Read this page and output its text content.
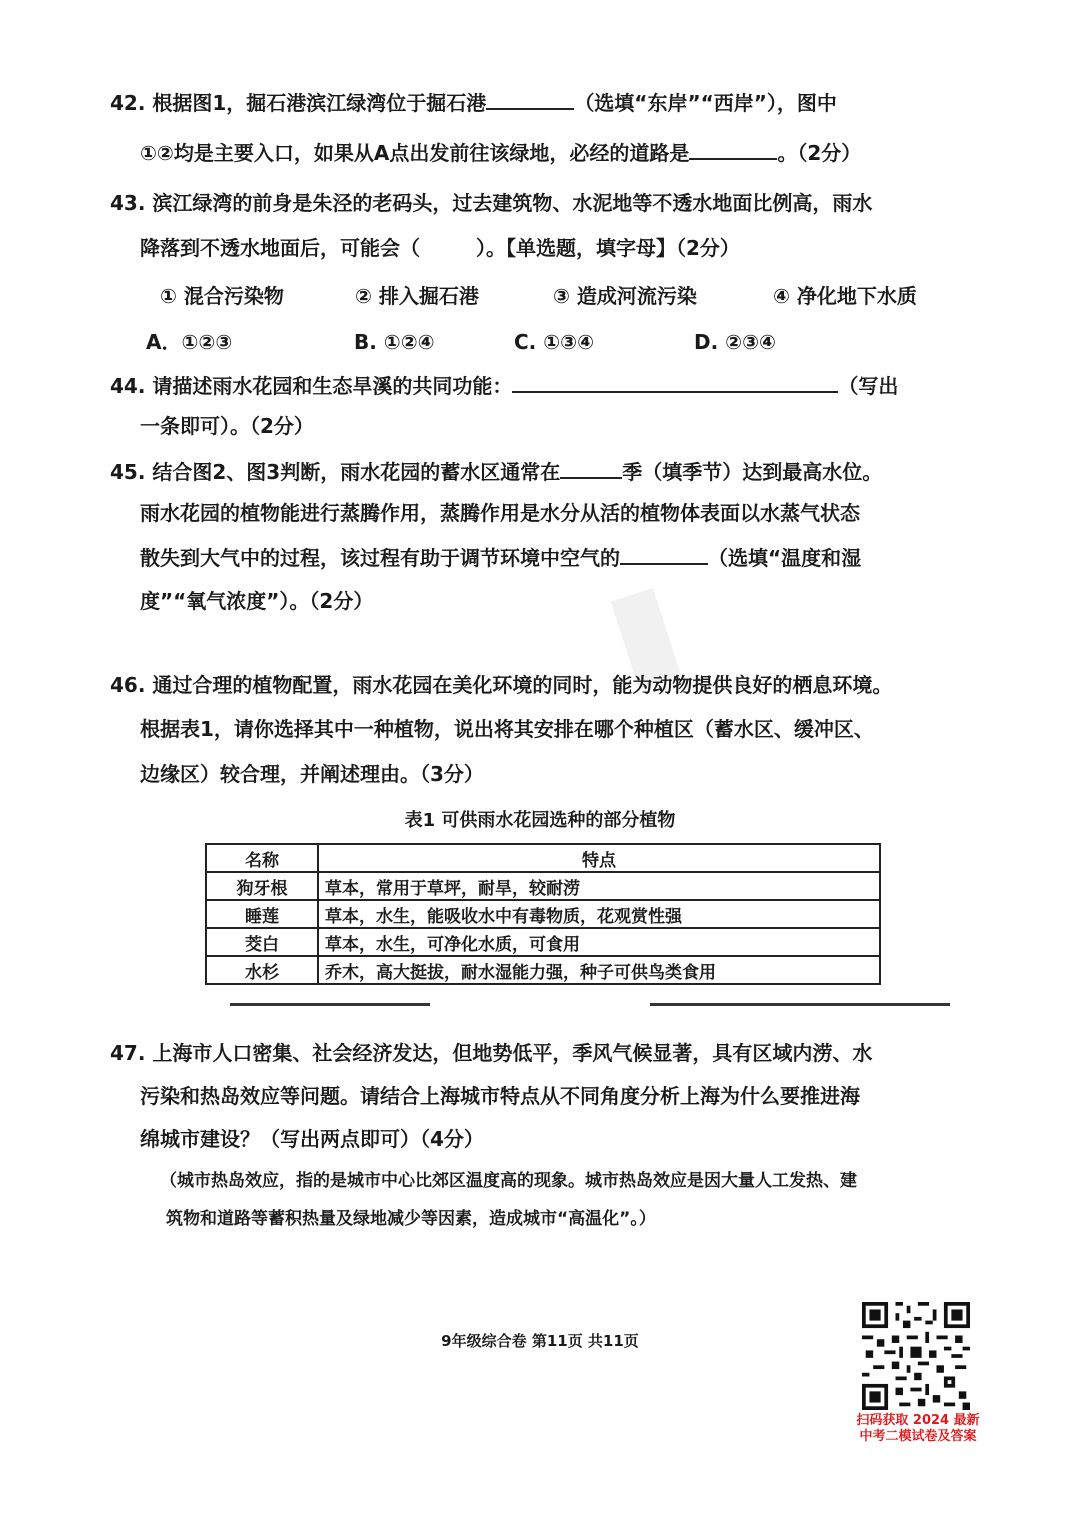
42. 根据图1，掘石港滨江绿湾位于掘石港	（选填“东岸”“西岸”），图中
①②均是主要入口，如果从A点出发前往该绿地，必经的道路是	。（2分）
43. 滨江绿湾的前身是朱泾的老码头，过去建筑物、水泥地等不透水地面比例高，雨水
降落到不透水地面后，可能会（	）。【单选题，填字母】（2分）
① 混合污染物	② 排入掘石港	③ 造成河流污染	④ 净化地下水质
A．①②③	B. ①②④	C. ①③④	D. ②③④
44. 请描述雨水花园和生态旱溪的共同功能：	（写出
一条即可）。（2分）
45. 结合图2、图3判断，雨水花园的蓄水区通常在	季（填季节）达到最高水位。
雨水花园的植物能进行蒸腾作用，蒸腾作用是水分从活的植物体表面以水蒸气状态
散失到大气中的过程，该过程有助于调节环境中空气的	（选填“温度和湿
度”“氧气浓度”）。（2分） ▮
46. 通过合理的植物配置，雨水花园在美化环境的同时，能为动物提供良好的栖息环境。
根据表1，请你选择其中一种植物，说出将其安排在哪个种植区（蓄水区、缓冲区、
边缘区）较合理，并阐述理由。（3分）
表1 可供雨水花园选种的部分植物
名称	特点
狗牙根	草本，常用于草坪，耐旱，较耐涝
睡莲	草本，水生，能吸收水中有毒物质，花观赏性强
茭白	草本，水生，可净化水质，可食用
水杉	乔木，高大挺拔，耐水湿能力强，种子可供鸟类食用
47. 上海市人口密集、社会经济发达，但地势低平，季风气候显著，具有区域内涝、水
污染和热岛效应等问题。请结合上海城市特点从不同角度分析上海为什么要推进海
绵城市建设？（写出两点即可）（4分）
（城市热岛效应，指的是城市中心比郊区温度高的现象。城市热岛效应是因大量人工发热、建
筑物和道路等蓄积热量及绿地减少等因素，造成城市“高温化”。）
9年级综合卷 第11页 共11页
扫码获取 2024 最新
中考二模试卷及答案
